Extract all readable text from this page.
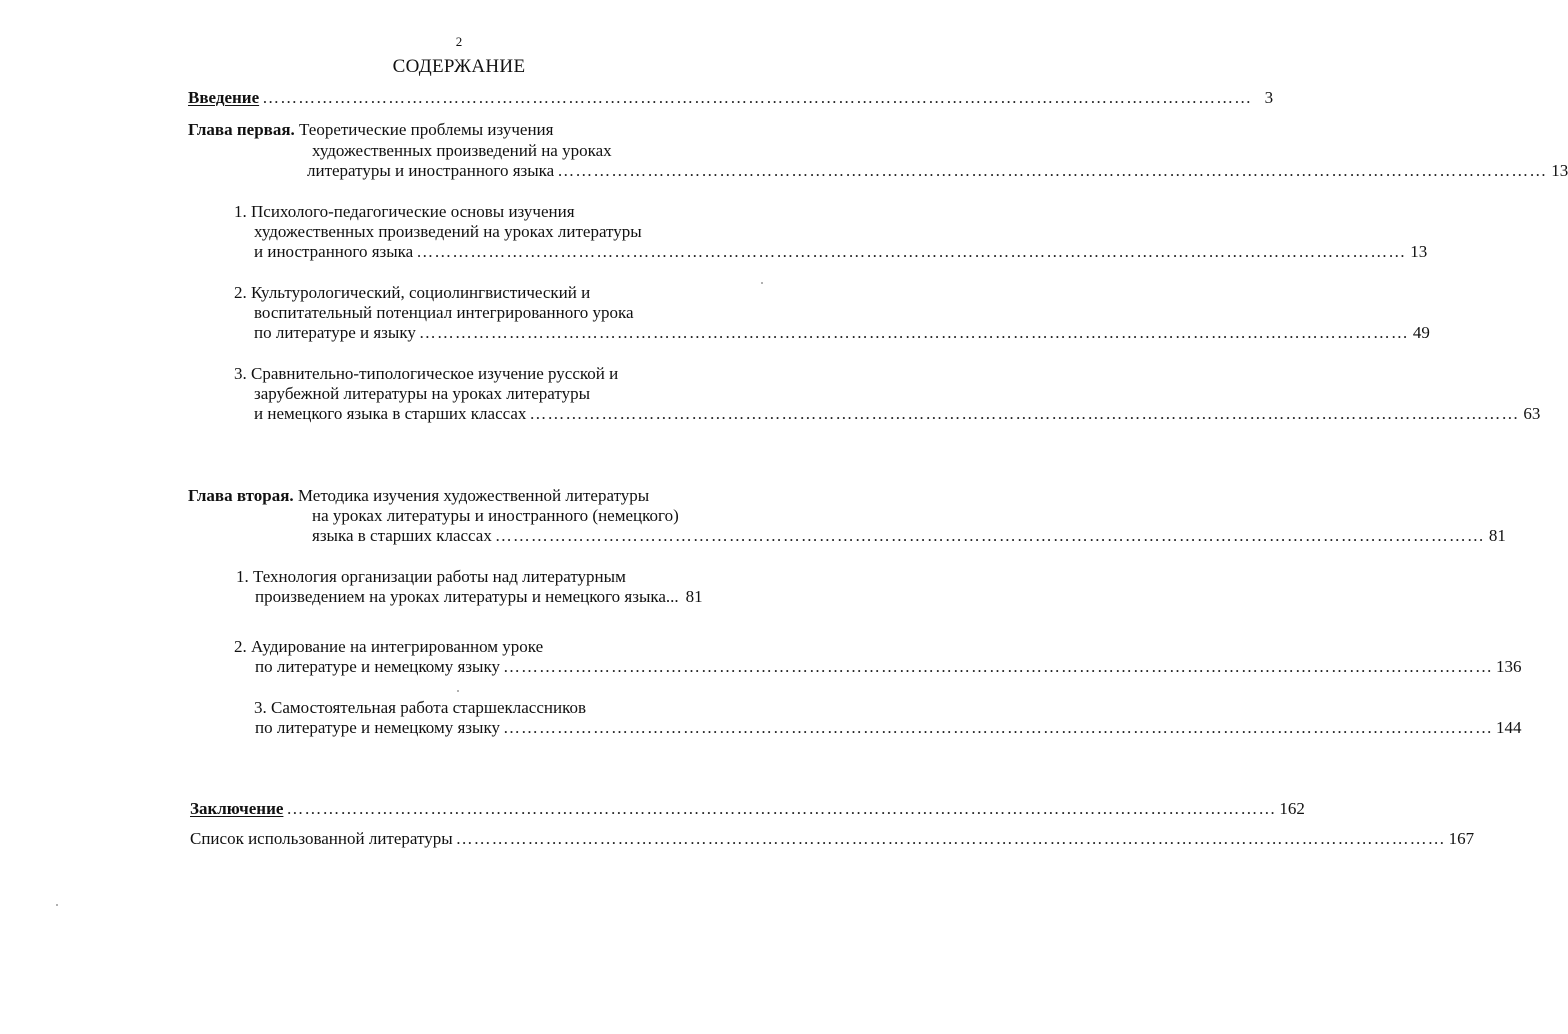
2
СОДЕРЖАНИЕ
Введение ………………………………………………………………………………………………………………………………………………… 3
Глава первая. Теоретические проблемы изучения
художественных произведений на уроках
литературы и иностранного языка ………………………………………………………………………………………………………………………………………………… 13
1. Психолого-педагогические основы изучения
художественных произведений на уроках литературы
и иностранного языка ………………………………………………………………………………………………………………………………………………… 13
2. Культурологический, социолингвистический и
воспитательный потенциал интегрированного урока
по литературе и языку ………………………………………………………………………………………………………………………………………………… 49
3. Сравнительно-типологическое изучение русской и
зарубежной литературы на уроках литературы
и немецкого языка в старших классах ………………………………………………………………………………………………………………………………………………… 63
Глава вторая. Методика изучения художественной литературы
на уроках литературы и иностранного (немецкого)
языка в старших классах ………………………………………………………………………………………………………………………………………………… 81
1. Технология организации работы над литературным
произведением на уроках литературы и немецкого языка... 81
2. Аудирование на интегрированном уроке
по литературе и немецкому языку ………………………………………………………………………………………………………………………………………………… 136
3. Самостоятельная работа старшеклассников
по литературе и немецкому языку ………………………………………………………………………………………………………………………………………………… 144
Заключение ………………………………………………………………………………………………………………………………………………… 162
Список использованной литературы ………………………………………………………………………………………………………………………………………………… 167
